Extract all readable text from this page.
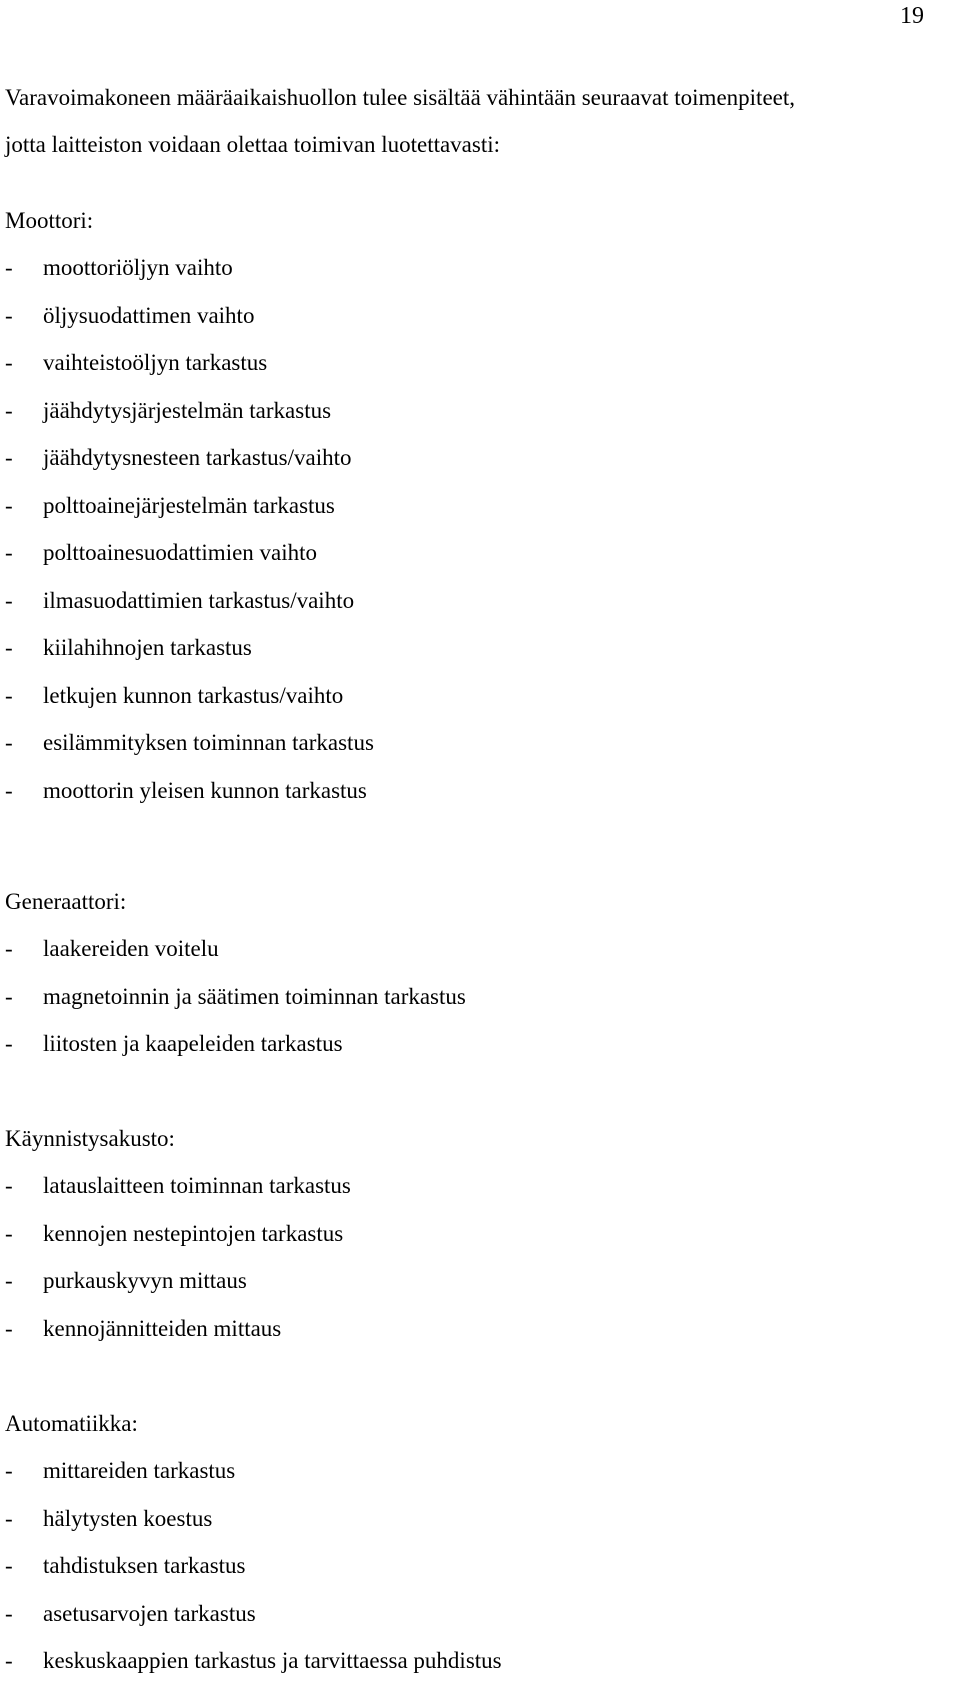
19
Varavoimakoneen määräaikaishuollon tulee sisältää vähintään seuraavat toimenpiteet,
jotta laitteiston voidaan olettaa toimivan luotettavasti:
Moottori:
- moottoriöljyn vaihto
- öljysuodattimen vaihto
- vaihteistoöljyn tarkastus
- jäähdytysjärjestelmän tarkastus
- jäähdytysnesteen tarkastus/vaihto
- polttoainejärjestelmän tarkastus
- polttoainesuodattimien vaihto
- ilmasuodattimien tarkastus/vaihto
- kiilahihnojen tarkastus
- letkujen kunnon tarkastus/vaihto
- esilämmityksen toiminnan tarkastus
- moottorin yleisen kunnon tarkastus
Generaattori:
- laakereiden voitelu
- magnetoinnin ja säätimen toiminnan tarkastus
- liitosten ja kaapeleiden tarkastus
Käynnistysakusto:
- latauslaitteen toiminnan tarkastus
- kennojen nestepintojen tarkastus
- purkauskyvyn mittaus
- kennojännitteiden mittaus
Automatiikka:
- mittareiden tarkastus
- hälytysten koestus
- tahdistuksen tarkastus
- asetusarvojen tarkastus
- keskuskaappien tarkastus ja tarvittaessa puhdistus
